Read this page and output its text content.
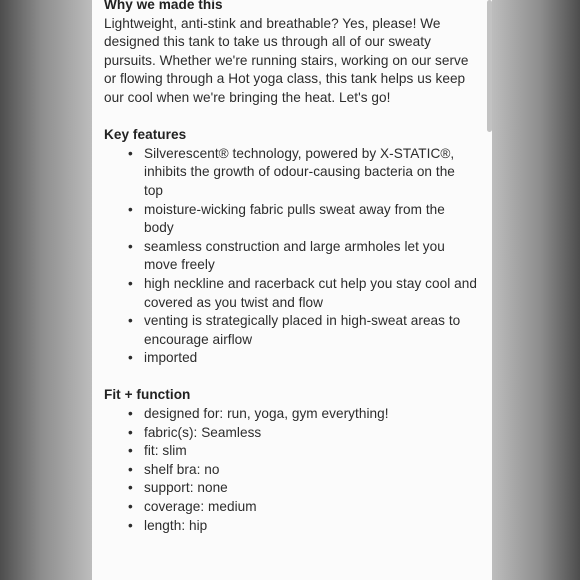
Why we made this
Lightweight, anti-stink and breathable? Yes, please! We
designed this tank to take us through all of our sweaty
pursuits. Whether we're running stairs, working on our serve
or flowing through a Hot yoga class, this tank helps us keep
our cool when we're bringing the heat. Let's go!
Key features
• Silverescent® technology, powered by X-STATIC®,
inhibits the growth of odour-causing bacteria on the
top
• moisture-wicking fabric pulls sweat away from the
body
• seamless construction and large armholes let you
move freely
• high neckline and racerback cut help you stay cool and
covered as you twist and flow
• venting is strategically placed in high-sweat areas to
encourage airflow
• imported
Fit + function
• designed for: run, yoga, gym everything!
• fabric(s): Seamless
• fit: slim
• shelf bra: no
• support: none
• coverage: medium
• length: hip
